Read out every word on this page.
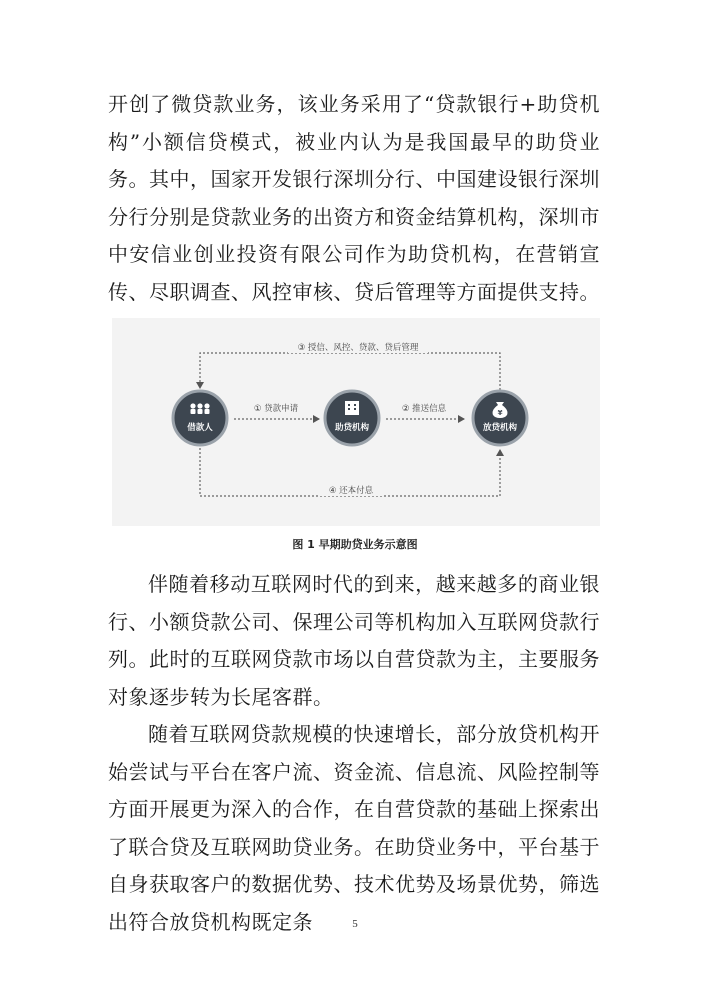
开创了微贷款业务，该业务采用了“贷款银行+助贷机构”小额信贷模式，被业内认为是我国最早的助贷业务。其中，国家开发银行深圳分行、中国建设银行深圳分行分别是贷款业务的出资方和资金结算机构，深圳市中安信业创业投资有限公司作为助贷机构，在营销宣传、尽职调查、风控审核、贷后管理等方面提供支持。

③ 授信、风控、贷款、贷后管理
④ 还本付息
① 贷款申请	② 推送信息
借款人	助贷机构
¥
放贷机构
图 1 早期助贷业务示意图

伴随着移动互联网时代的到来，越来越多的商业银行、小额贷款公司、保理公司等机构加入互联网贷款行列。此时的互联网贷款市场以自营贷款为主，主要服务对象逐步转为长尾客群。

随着互联网贷款规模的快速增长，部分放贷机构开始尝试与平台在客户流、资金流、信息流、风险控制等方面开展更为深入的合作，在自营贷款的基础上探索出了联合贷及互联网助贷业务。在助贷业务中，平台基于自身获取客户的数据优势、技术优势及场景优势，筛选出符合放贷机构既定条	5
